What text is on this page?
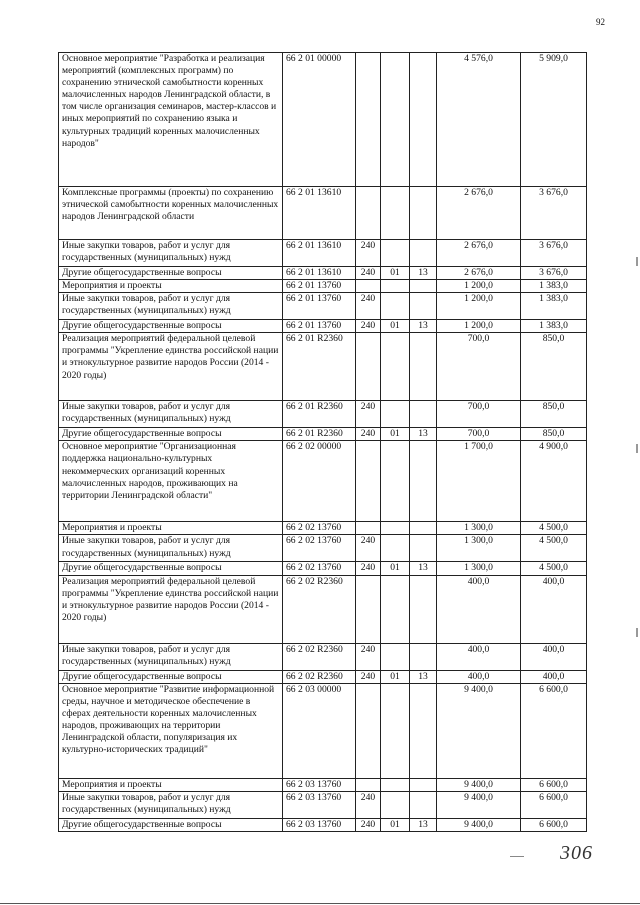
92
Основное мероприятие "Разработка и реализация мероприятий (комплексных программ) по сохранению этнической самобытности коренных малочисленных народов Ленинградской области, в том числе организация семинаров, мастер-классов и иных мероприятий по сохранению языка и культурных традиций коренных малочисленных народов"	66 2 01 00000				4 576,0	5 909,0
Комплексные программы (проекты) по сохранению этнической самобытности коренных малочисленных народов Ленинградской области	66 2 01 13610				2 676,0	3 676,0
Иные закупки товаров, работ и услуг для государственных (муниципальных) нужд	66 2 01 13610	240			2 676,0	3 676,0
Другие общегосударственные вопросы	66 2 01 13610	240	01	13	2 676,0	3 676,0
Мероприятия и проекты	66 2 01 13760				1 200,0	1 383,0
Иные закупки товаров, работ и услуг для государственных (муниципальных) нужд	66 2 01 13760	240			1 200,0	1 383,0
Другие общегосударственные вопросы	66 2 01 13760	240	01	13	1 200,0	1 383,0
Реализация мероприятий федеральной целевой программы "Укрепление единства российской нации и этнокультурное развитие народов России (2014 - 2020 годы)	66 2 01 R2360				700,0	850,0
Иные закупки товаров, работ и услуг для государственных (муниципальных) нужд	66 2 01 R2360	240			700,0	850,0
Другие общегосударственные вопросы	66 2 01 R2360	240	01	13	700,0	850,0
Основное мероприятие "Организационная поддержка национально-культурных некоммерческих организаций коренных малочисленных народов, проживающих на территории Ленинградской области"	66 2 02 00000				1 700,0	4 900,0
Мероприятия и проекты	66 2 02 13760				1 300,0	4 500,0
Иные закупки товаров, работ и услуг для государственных (муниципальных) нужд	66 2 02 13760	240			1 300,0	4 500,0
Другие общегосударственные вопросы	66 2 02 13760	240	01	13	1 300,0	4 500,0
Реализация мероприятий федеральной целевой программы "Укрепление единства российской нации и этнокультурное развитие народов России (2014 - 2020 годы)	66 2 02 R2360				400,0	400,0
Иные закупки товаров, работ и услуг для государственных (муниципальных) нужд	66 2 02 R2360	240			400,0	400,0
Другие общегосударственные вопросы	66 2 02 R2360	240	01	13	400,0	400,0
Основное мероприятие "Развитие информационной среды, научное и методическое обеспечение в сферах деятельности коренных малочисленных народов, проживающих на территории Ленинградской области, популяризация их культурно-исторических традиций"	66 2 03 00000				9 400,0	6 600,0
Мероприятия и проекты	66 2 03 13760				9 400,0	6 600,0
Иные закупки товаров, работ и услуг для государственных (муниципальных) нужд	66 2 03 13760	240			9 400,0	6 600,0
Другие общегосударственные вопросы	66 2 03 13760	240	01	13	9 400,0	6 600,0
306
